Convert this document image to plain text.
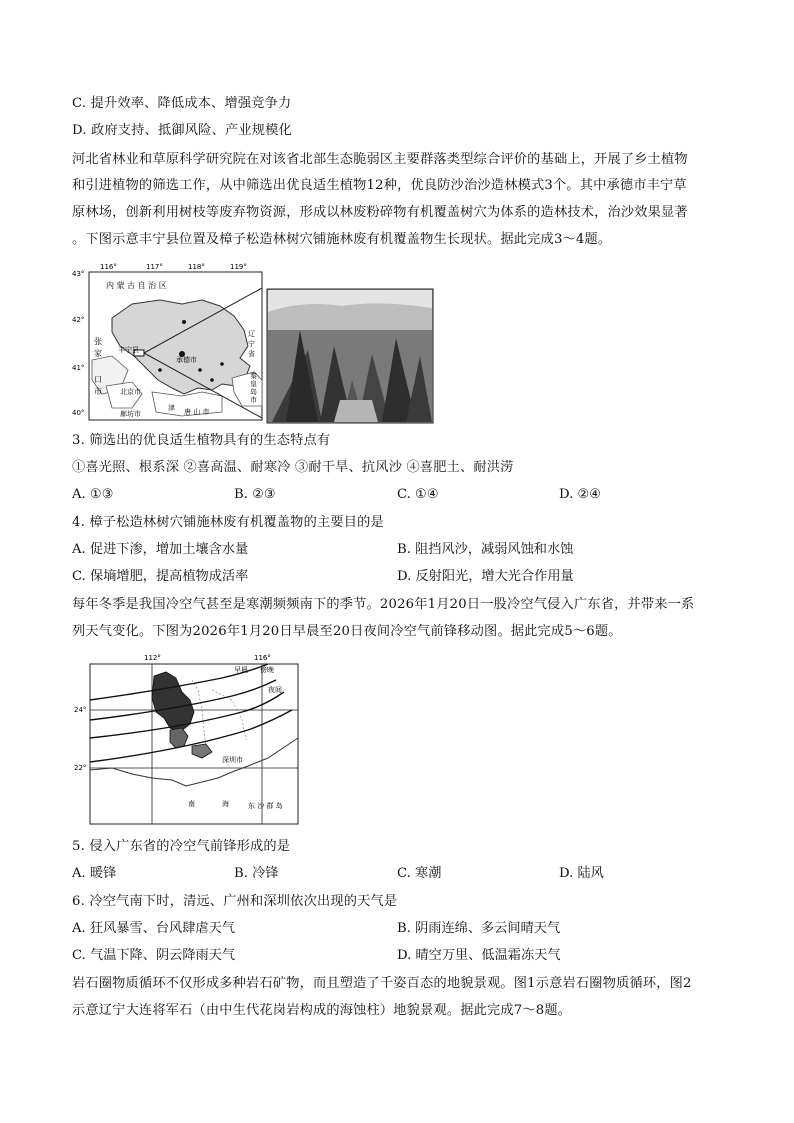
C. 提升效率、降低成本、增强竞争力
D. 政府支持、抵御风险、产业规模化
河北省林业和草原科学研究院在对该省北部生态脆弱区主要群落类型综合评价的基础上，开展了乡土植物
和引进植物的筛选工作，从中筛选出优良适生植物12种，优良防沙治沙造林模式3个。其中承德市丰宁草
原林场，创新利用树枝等废弃物资源，形成以林废粉碎物有机覆盖树穴为体系的造林技术，治沙效果显著
。下图示意丰宁县位置及樟子松造林树穴铺施林废有机覆盖物生长现状。据此完成3～4题。
116°	117°	118°	119°
43°
42°
41°
40°
内 蒙 古 自 治 区
张
家
口
市
丰宁县
承德市
辽
宁
省
秦
皇
岛
市
北京市
廊坊市	唐 山 市
津
3. 筛选出的优良适生植物具有的生态特点有
①喜光照、根系深 ②喜高温、耐寒冷 ③耐干旱、抗风沙 ④喜肥土、耐洪涝
A. ①③	B. ②③	C. ①④	D. ②④
4. 樟子松造林树穴铺施林废有机覆盖物的主要目的是
A. 促进下渗，增加土壤含水量	B. 阻挡风沙，减弱风蚀和水蚀
C. 保墒增肥，提高植物成活率	D. 反射阳光，增大光合作用量
每年冬季是我国冷空气甚至是寒潮频频南下的季节。2026年1月20日一股冷空气侵入广东省，并带来一系
列天气变化。下图为2026年1月20日早晨至20日夜间冷空气前锋移动图。据此完成5～6题。
112°	116°
24°
22°
早晨 傍晚
夜间
深圳市
南	海	东 沙 群 岛
5. 侵入广东省的冷空气前锋形成的是
A. 暖锋	B. 冷锋	C. 寒潮	D. 陆风
6. 冷空气南下时，清远、广州和深圳依次出现的天气是
A. 狂风暴雪、台风肆虐天气	B. 阴雨连绵、多云间晴天气
C. 气温下降、阴云降雨天气	D. 晴空万里、低温霜冻天气
岩石圈物质循环不仅形成多种岩石矿物，而且塑造了千姿百态的地貌景观。图1示意岩石圈物质循环，图2
示意辽宁大连将军石（由中生代花岗岩构成的海蚀柱）地貌景观。据此完成7～8题。
